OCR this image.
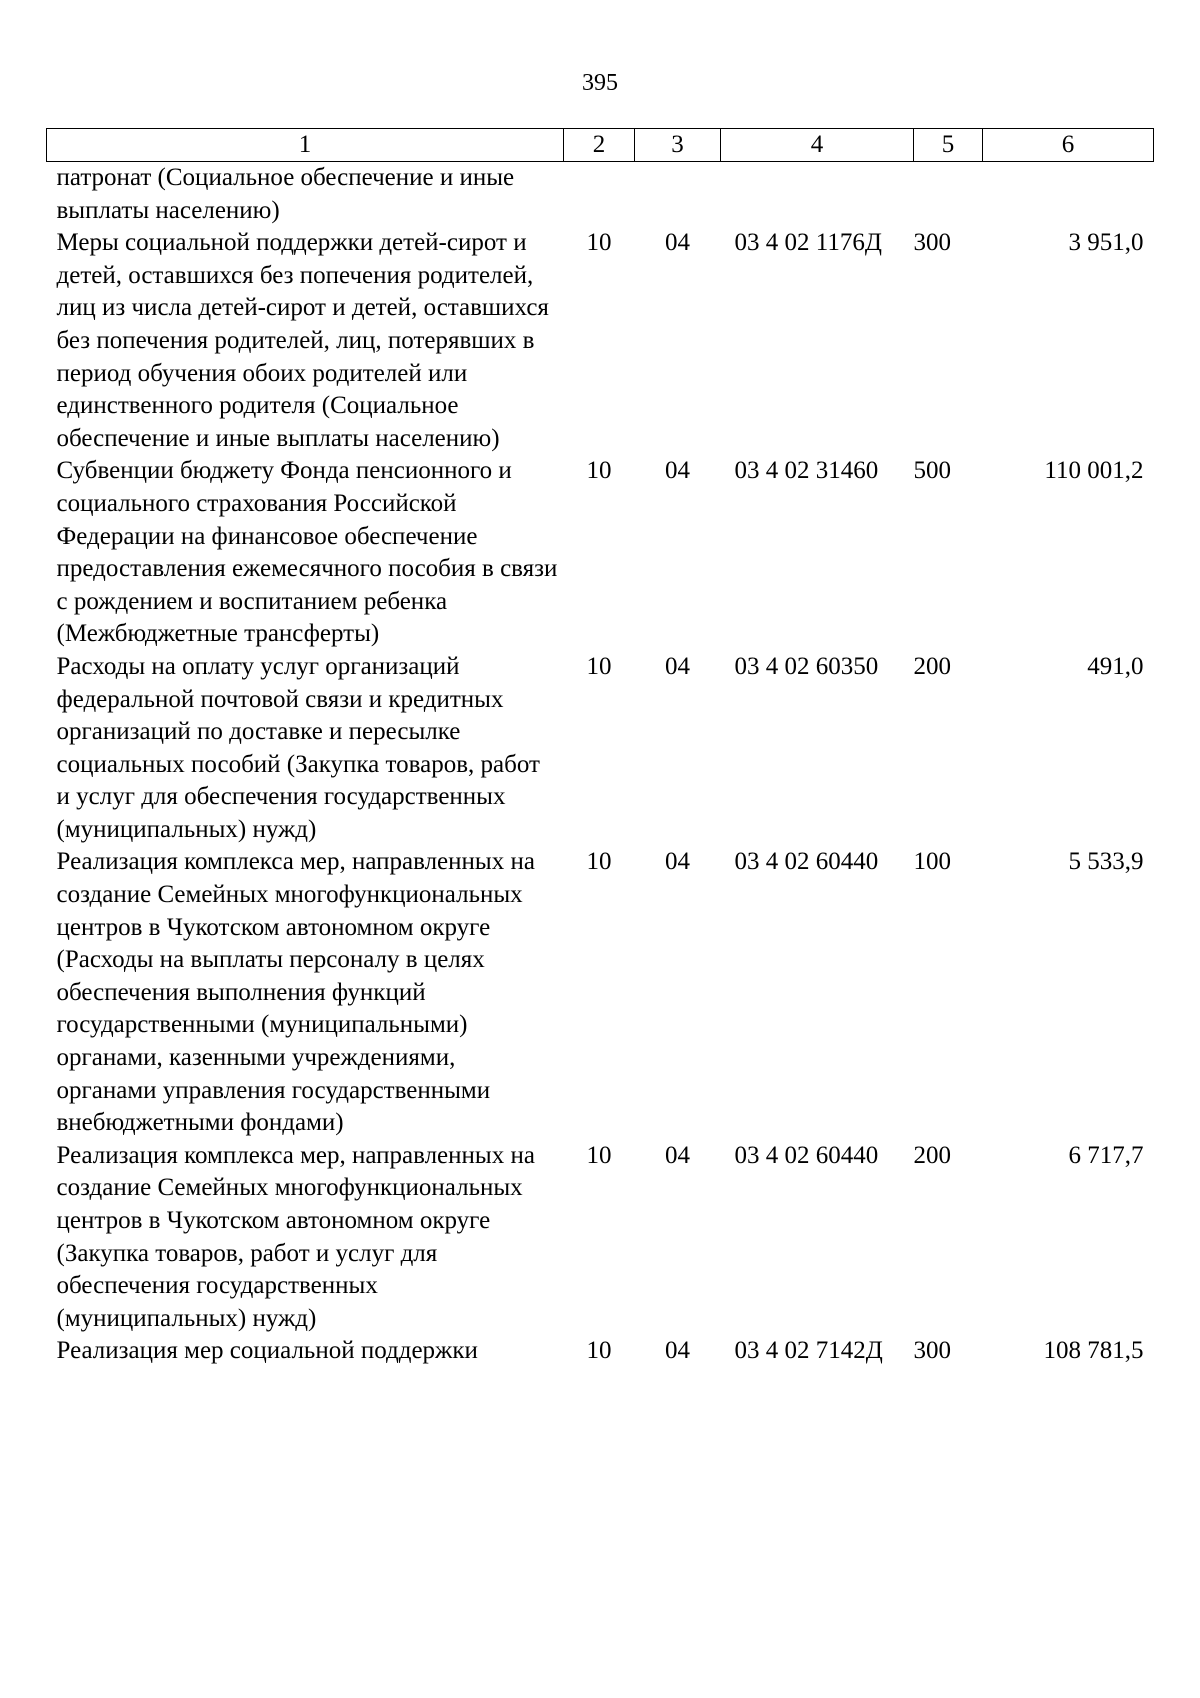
395
1	2	3	4	5	6
патронат (Социальное обеспечение и иные выплаты населению)					
Меры социальной поддержки детей-сирот и детей, оставшихся без попечения родителей, лиц из числа детей-сирот и детей, оставшихся без попечения родителей, лиц, потерявших в период обучения обоих родителей или единственного родителя (Социальное обеспечение и иные выплаты населению)	10	04	03 4 02 1176Д	300	3 951,0
Субвенции бюджету Фонда пенсионного и социального страхования Российской Федерации на финансовое обеспечение предоставления ежемесячного пособия в связи с рождением и воспитанием ребенка (Межбюджетные трансферты)	10	04	03 4 02 31460	500	110 001,2
Расходы на оплату услуг организаций федеральной почтовой связи и кредитных организаций по доставке и пересылке социальных пособий (Закупка товаров, работ и услуг для обеспечения государственных (муниципальных) нужд)	10	04	03 4 02 60350	200	491,0
Реализация комплекса мер, направленных на создание Семейных многофункциональных центров в Чукотском автономном округе (Расходы на выплаты персоналу в целях обеспечения выполнения функций государственными (муниципальными) органами, казенными учреждениями, органами управления государственными внебюджетными фондами)	10	04	03 4 02 60440	100	5 533,9
Реализация комплекса мер, направленных на создание Семейных многофункциональных центров в Чукотском автономном округе (Закупка товаров, работ и услуг для обеспечения государственных (муниципальных) нужд)	10	04	03 4 02 60440	200	6 717,7
Реализация мер социальной поддержки	10	04	03 4 02 7142Д	300	108 781,5
